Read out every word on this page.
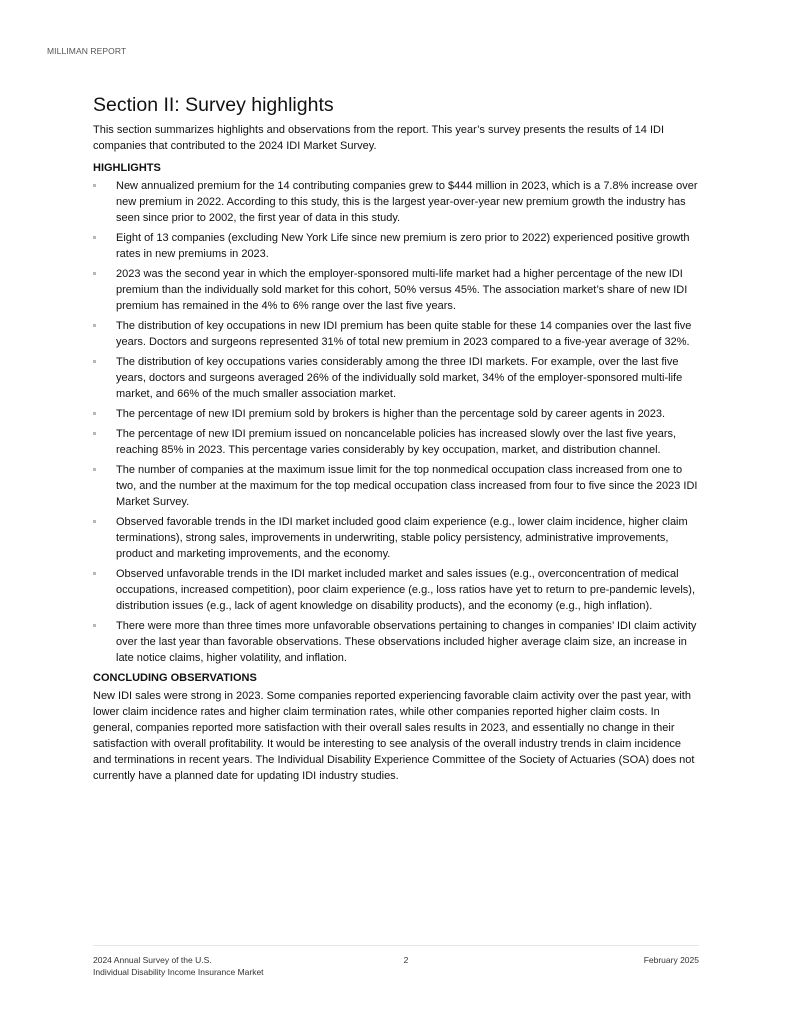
MILLIMAN REPORT
Section II: Survey highlights

This section summarizes highlights and observations from the report. This year’s survey presents the results of 14 IDI companies that contributed to the 2024 IDI Market Survey.

HIGHLIGHTS
New annualized premium for the 14 contributing companies grew to $444 million in 2023, which is a 7.8% increase over new premium in 2022. According to this study, this is the largest year-over-year new premium growth the industry has seen since prior to 2002, the first year of data in this study.
Eight of 13 companies (excluding New York Life since new premium is zero prior to 2022) experienced positive growth rates in new premiums in 2023.
2023 was the second year in which the employer-sponsored multi-life market had a higher percentage of the new IDI premium than the individually sold market for this cohort, 50% versus 45%. The association market’s share of new IDI premium has remained in the 4% to 6% range over the last five years.
The distribution of key occupations in new IDI premium has been quite stable for these 14 companies over the last five years. Doctors and surgeons represented 31% of total new premium in 2023 compared to a five-year average of 32%.
The distribution of key occupations varies considerably among the three IDI markets. For example, over the last five years, doctors and surgeons averaged 26% of the individually sold market, 34% of the employer-sponsored multi-life market, and 66% of the much smaller association market.
The percentage of new IDI premium sold by brokers is higher than the percentage sold by career agents in 2023.
The percentage of new IDI premium issued on noncancelable policies has increased slowly over the last five years, reaching 85% in 2023. This percentage varies considerably by key occupation, market, and distribution channel.
The number of companies at the maximum issue limit for the top nonmedical occupation class increased from one to two, and the number at the maximum for the top medical occupation class increased from four to five since the 2023 IDI Market Survey.
Observed favorable trends in the IDI market included good claim experience (e.g., lower claim incidence, higher claim terminations), strong sales, improvements in underwriting, stable policy persistency, administrative improvements, product and marketing improvements, and the economy.
Observed unfavorable trends in the IDI market included market and sales issues (e.g., overconcentration of medical occupations, increased competition), poor claim experience (e.g., loss ratios have yet to return to pre-pandemic levels), distribution issues (e.g., lack of agent knowledge on disability products), and the economy (e.g., high inflation).
There were more than three times more unfavorable observations pertaining to changes in companies’ IDI claim activity over the last year than favorable observations. These observations included higher average claim size, an increase in late notice claims, higher volatility, and inflation.
CONCLUDING OBSERVATIONS

New IDI sales were strong in 2023. Some companies reported experiencing favorable claim activity over the past year, with lower claim incidence rates and higher claim termination rates, while other companies reported higher claim costs. In general, companies reported more satisfaction with their overall sales results in 2023, and essentially no change in their satisfaction with overall profitability. It would be interesting to see analysis of the overall industry trends in claim incidence and terminations in recent years. The Individual Disability Experience Committee of the Society of Actuaries (SOA) does not currently have a planned date for updating IDI industry studies.

2024 Annual Survey of the U.S.
Individual Disability Income Insurance Market
2	February 2025
